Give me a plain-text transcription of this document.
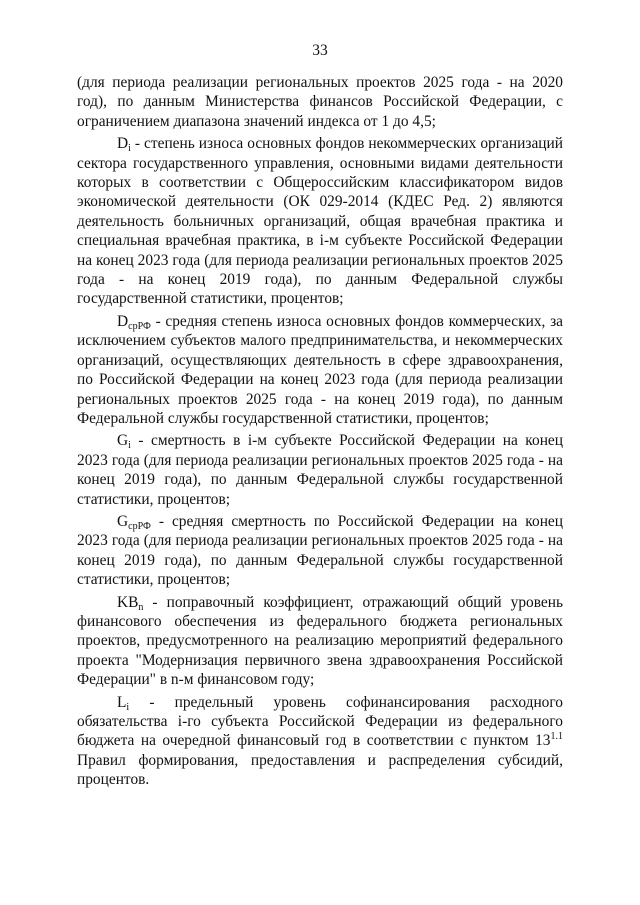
33

(для периода реализации региональных проектов 2025 года - на 2020 год), по данным Министерства финансов Российской Федерации, с ограничением диапазона значений индекса от 1 до 4,5;

$D_i$ - степень износа основных фондов некоммерческих организаций сектора государственного управления, основными видами деятельности которых в соответствии с Общероссийским классификатором видов экономической деятельности (ОК 029-2014 (КДЕС Ред. 2) являются деятельность больничных организаций, общая врачебная практика и специальная врачебная практика, в i-м субъекте Российской Федерации на конец 2023 года (для периода реализации региональных проектов 2025 года - на конец 2019 года), по данным Федеральной службы государственной статистики, процентов;

$D_{срРФ}$ - средняя степень износа основных фондов коммерческих, за исключением субъектов малого предпринимательства, и некоммерческих организаций, осуществляющих деятельность в сфере здравоохранения, по Российской Федерации на конец 2023 года (для периода реализации региональных проектов 2025 года - на конец 2019 года), по данным Федеральной службы государственной статистики, процентов;

$G_i$ - смертность в i-м субъекте Российской Федерации на конец 2023 года (для периода реализации региональных проектов 2025 года - на конец 2019 года), по данным Федеральной службы государственной статистики, процентов;

$G_{срРФ}$ - средняя смертность по Российской Федерации на конец 2023 года (для периода реализации региональных проектов 2025 года - на конец 2019 года), по данным Федеральной службы государственной статистики, процентов;

$KB_n$ - поправочный коэффициент, отражающий общий уровень финансового обеспечения из федерального бюджета региональных проектов, предусмотренного на реализацию мероприятий федерального проекта "Модернизация первичного звена здравоохранения Российской Федерации" в n-м финансовом году;

$L_i$ - предельный уровень софинансирования расходного обязательства i-го субъекта Российской Федерации из федерального бюджета на очередной финансовый год в соответствии с пунктом $13^{1.1}$ Правил формирования, предоставления и распределения субсидий, процентов.
